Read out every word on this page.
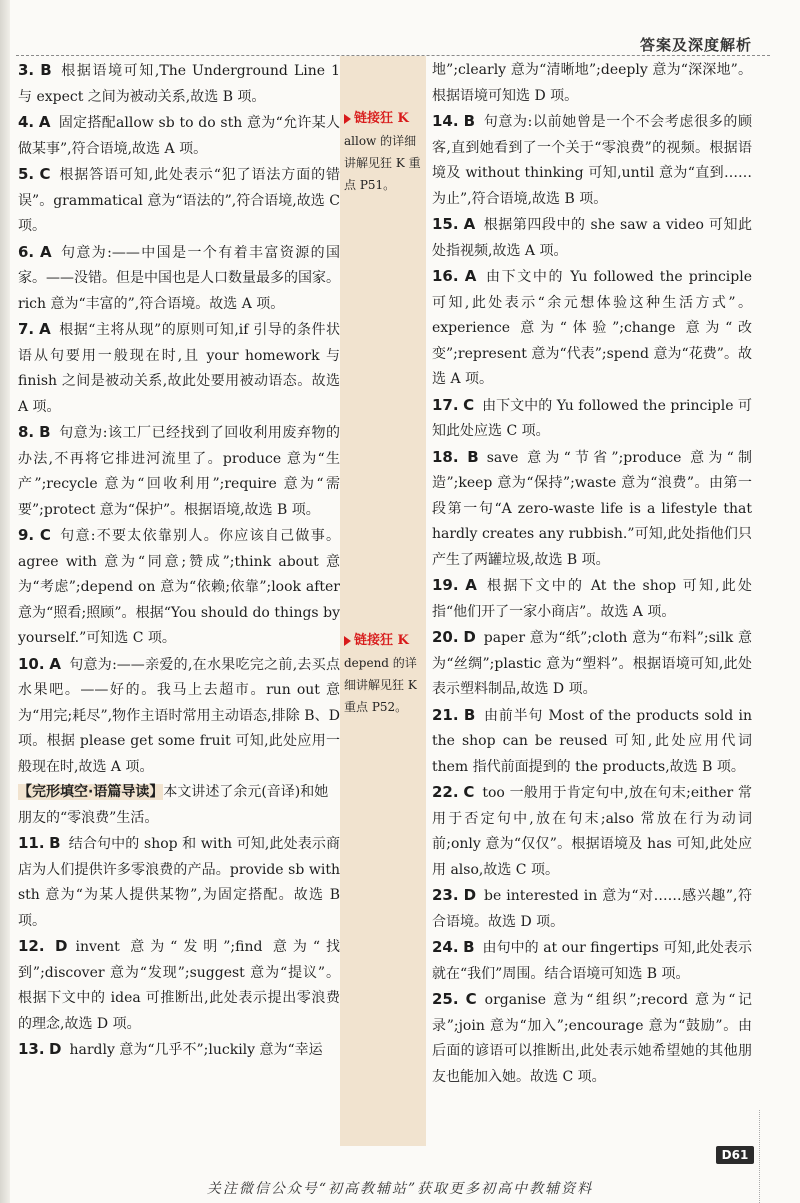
答案及深度解析
3. B 根据语境可知,The Underground Line 1 与 expect 之间为被动关系,故选 B 项。
4. A 固定搭配allow sb to do sth 意为“允许某人做某事”,符合语境,故选 A 项。
5. C 根据答语可知,此处表示“犯了语法方面的错误”。grammatical 意为“语法的”,符合语境,故选 C 项。
6. A 句意为:——中国是一个有着丰富资源的国家。——没错。但是中国也是人口数量最多的国家。rich 意为“丰富的”,符合语境。故选 A 项。
7. A 根据“主将从现”的原则可知,if 引导的条件状语从句要用一般现在时,且 your homework 与 finish 之间是被动关系,故此处要用被动语态。故选 A 项。
8. B 句意为:该工厂已经找到了回收利用废弃物的办法,不再将它排进河流里了。produce 意为“生产”;recycle 意为“回收利用”;require 意为“需要”;protect 意为“保护”。根据语境,故选 B 项。
9. C 句意:不要太依靠别人。你应该自己做事。agree with 意为“同意;赞成”;think about 意为“考虑”;depend on 意为“依赖;依靠”;look after 意为“照看;照顾”。根据“You should do things by yourself.”可知选 C 项。
10. A 句意为:——亲爱的,在水果吃完之前,去买点水果吧。——好的。我马上去超市。run out 意为“用完;耗尽”,物作主语时常用主动语态,排除 B、D 项。根据 please get some fruit 可知,此处应用一般现在时,故选 A 项。
【完形填空·语篇导读】本文讲述了余元(音译)和她朋友的“零浪费”生活。
11. B 结合句中的 shop 和 with 可知,此处表示商店为人们提供许多零浪费的产品。provide sb with sth 意为“为某人提供某物”,为固定搭配。故选 B 项。
12. D invent 意为“发明”;find 意为“找到”;discover 意为“发现”;suggest 意为“提议”。根据下文中的 idea 可推断出,此处表示提出零浪费的理念,故选 D 项。
13. D hardly 意为“几乎不”;luckily 意为“幸运
链接狂 K
allow 的详细讲解见狂 K 重点 P51。
链接狂 K
depend 的详细讲解见狂 K 重点 P52。
地”;clearly 意为“清晰地”;deeply 意为“深深地”。根据语境可知选 D 项。
14. B 句意为:以前她曾是一个不会考虑很多的顾客,直到她看到了一个关于“零浪费”的视频。根据语境及 without thinking 可知,until 意为“直到……为止”,符合语境,故选 B 项。
15. A 根据第四段中的 she saw a video 可知此处指视频,故选 A 项。
16. A 由下文中的 Yu followed the principle 可知,此处表示“余元想体验这种生活方式”。experience 意为“体验”;change 意为“改变”;represent 意为“代表”;spend 意为“花费”。故选 A 项。
17. C 由下文中的 Yu followed the principle 可知此处应选 C 项。
18. B save 意为“节省”;produce 意为“制造”;keep 意为“保持”;waste 意为“浪费”。由第一段第一句“A zero-waste life is a lifestyle that hardly creates any rubbish.”可知,此处指他们只产生了两罐垃圾,故选 B 项。
19. A 根据下文中的 At the shop 可知,此处指“他们开了一家小商店”。故选 A 项。
20. D paper 意为“纸”;cloth 意为“布料”;silk 意为“丝绸”;plastic 意为“塑料”。根据语境可知,此处表示塑料制品,故选 D 项。
21. B 由前半句 Most of the products sold in the shop can be reused 可知,此处应用代词 them 指代前面提到的 the products,故选 B 项。
22. C too 一般用于肯定句中,放在句末;either 常用于否定句中,放在句末;also 常放在行为动词前;only 意为“仅仅”。根据语境及 has 可知,此处应用 also,故选 C 项。
23. D be interested in 意为“对……感兴趣”,符合语境。故选 D 项。
24. B 由句中的 at our fingertips 可知,此处表示就在“我们”周围。结合语境可知选 B 项。
25. C organise 意为“组织”;record 意为“记录”;join 意为“加入”;encourage 意为“鼓励”。由后面的谚语可以推断出,此处表示她希望她的其他朋友也能加入她。故选 C 项。
D61
关注微信公众号“初高教辅站”获取更多初高中教辅资料
